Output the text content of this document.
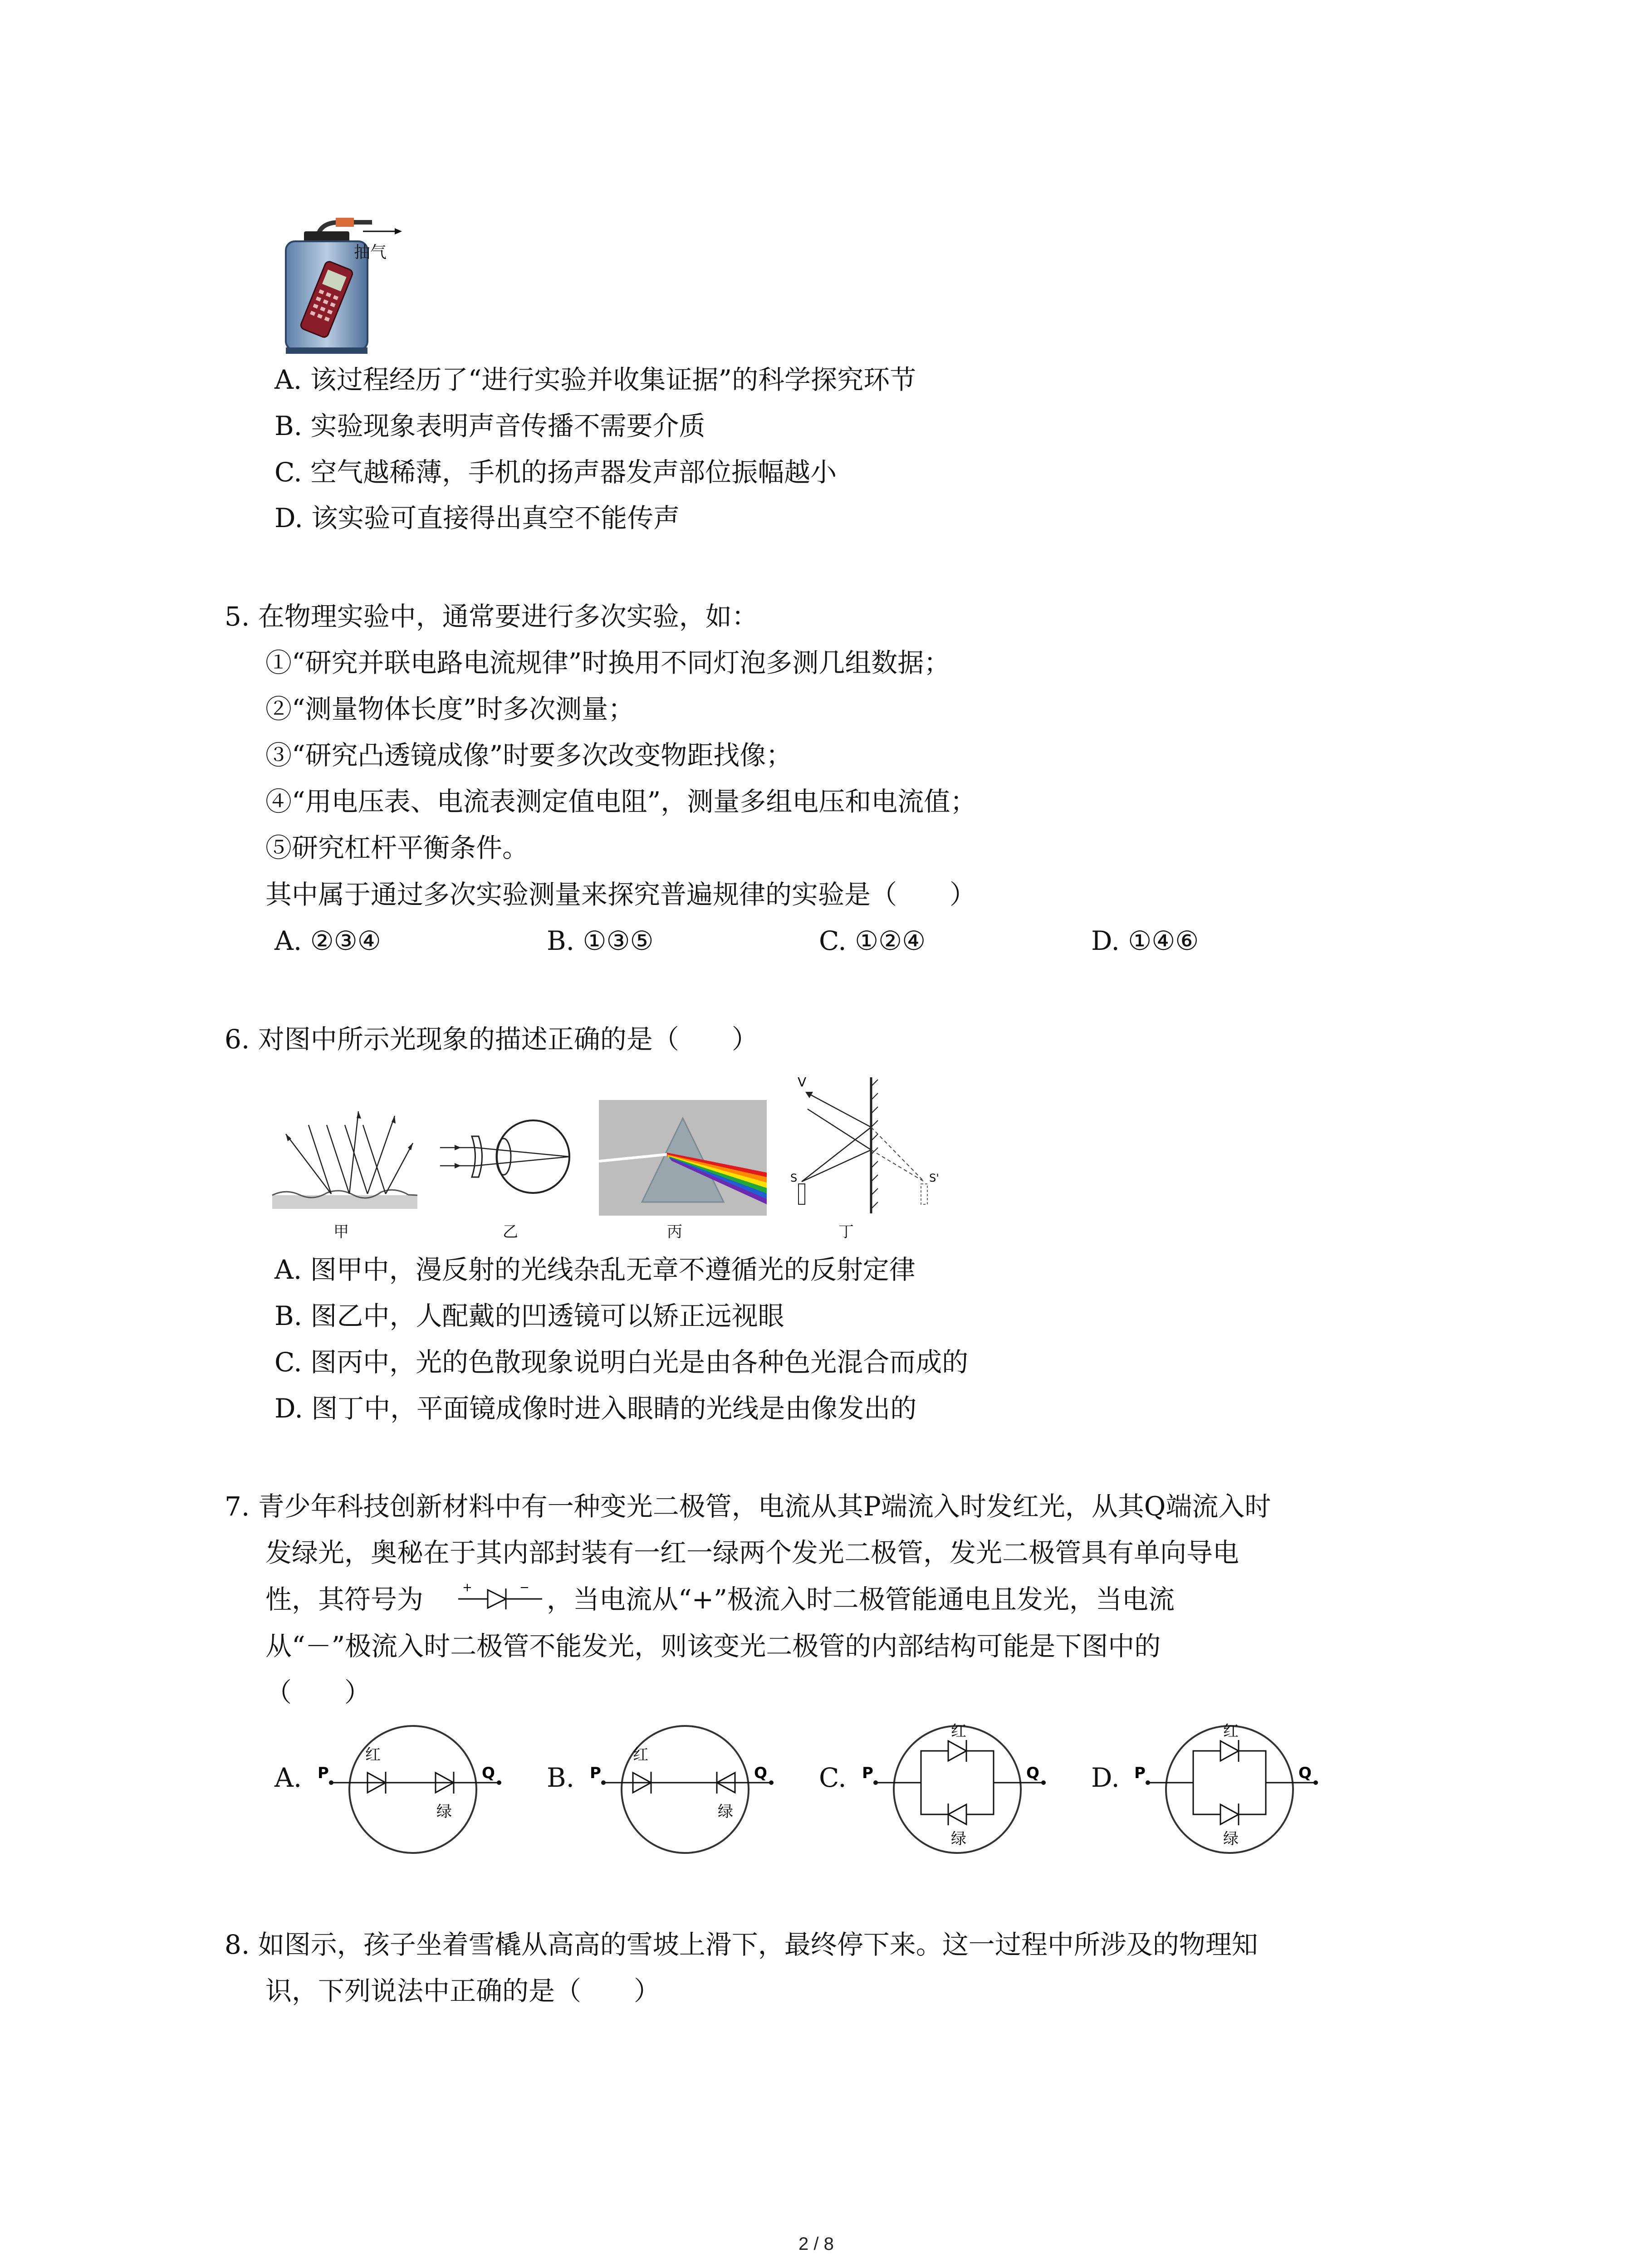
抽气
A. 该过程经历了“进行实验并收集证据”的科学探究环节
B. 实验现象表明声音传播不需要介质
C. 空气越稀薄，手机的扬声器发声部位振幅越小
D. 该实验可直接得出真空不能传声
5. 在物理实验中，通常要进行多次实验，如：
①“研究并联电路电流规律”时换用不同灯泡多测几组数据；
②“测量物体长度”时多次测量；
③“研究凸透镜成像”时要多次改变物距找像；
④“用电压表、电流表测定值电阻”，测量多组电压和电流值；
⑤研究杠杆平衡条件。
其中属于通过多次实验测量来探究普遍规律的实验是（　　）
A. ②③④	B. ①③⑤	C. ①②④	D. ①④⑥
6. 对图中所示光现象的描述正确的是（　　）
甲	乙	丙
V
S	S'
丁
A. 图甲中，漫反射的光线杂乱无章不遵循光的反射定律
B. 图乙中，人配戴的凹透镜可以矫正远视眼
C. 图丙中，光的色散现象说明白光是由各种色光混合而成的
D. 图丁中，平面镜成像时进入眼睛的光线是由像发出的
7. 青少年科技创新材料中有一种变光二极管，电流从其P端流入时发红光，从其Q端流入时
发绿光，奥秘在于其内部封装有一红一绿两个发光二极管，发光二极管具有单向导电
性，其符号为	+	− ，当电流从“+”极流入时二极管能通电且发光，当电流
从“－”极流入时二极管不能发光，则该变光二极管的内部结构可能是下图中的
（　　）
A.	B.	C.	D.
P	Q
红
绿
P	Q
红
绿
P	Q
红
绿
P	Q
红
绿
8. 如图示，孩子坐着雪橇从高高的雪坡上滑下，最终停下来。这一过程中所涉及的物理知
识，下列说法中正确的是（　　）
2 / 8
